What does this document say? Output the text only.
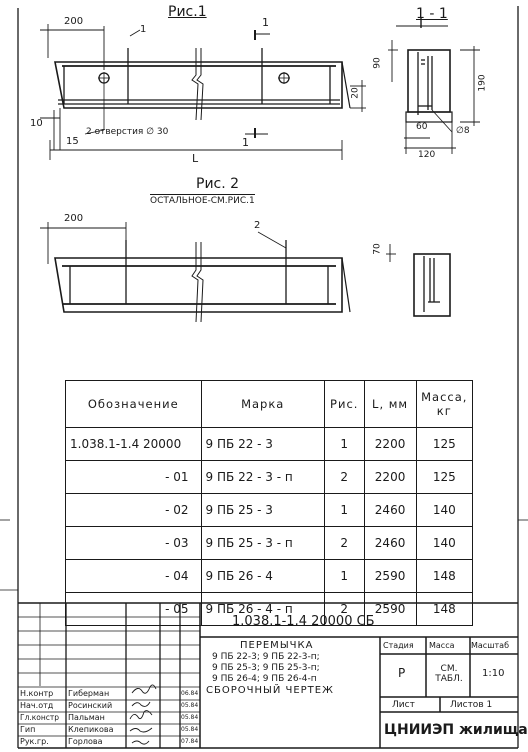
Рис.1
200
1
1
1
10
15
L
20
2 отверстия ∅ 30
1 - 1
90
190
60	∅8
120
Рис. 2
ОСТАЛЬНОЕ-СМ.РИС.1
200
2
70
Обозначение	Марка	Рис.	L, мм	Масса, кг
1.038.1-1.4 20000	9 ПБ 22 - 3	1	2200	125
- 01	9 ПБ 22 - 3 - п	2	2200	125
- 02	9 ПБ 25 - 3	1	2460	140
- 03	9 ПБ 25 - 3 - п	2	2460	140
- 04	9 ПБ 26 - 4	1	2590	148
- 05	9 ПБ 26 - 4 - п	2	2590	148
1.038.1-1.4 20000 СБ
ПЕРЕМЫЧКА
9 ПБ 22-3; 9 ПБ 22-3-п;
9 ПБ 25-3; 9 ПБ 25-3-п;
9 ПБ 26-4; 9 ПБ 26-4-п
СБОРОЧНЫЙ ЧЕРТЕЖ
Стадия Масса Масштаб
Р	СМ. ТАБЛ.	1:10
Лист	Листов 1
ЦНИИЭП жилища
Н.контр Гиберман	06.84
Нач.отд Росинский	05.84
Гл.констр Пальман	05.84
Гип	Клепикова	05.84
Рук.гр. Горлова	07.84
